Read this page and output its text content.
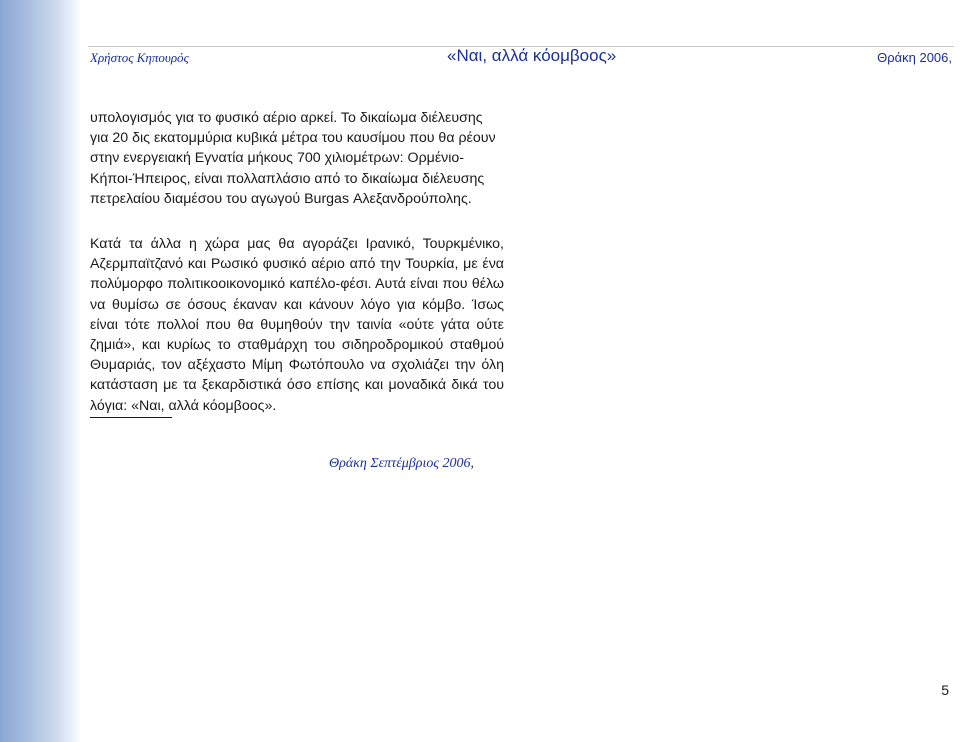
Χρήστος Κηπουρός	«Ναι, αλλά κόομβοος»	Θράκη 2006,

υπολογισμός για το φυσικό αέριο αρκεί. Το δικαίωμα διέλευσης για 20 δις εκατομμύρια κυβικά μέτρα του καυσίμου που θα ρέουν στην ενεργειακή Εγνατία μήκους 700 χιλιομέτρων: Ορμένιο-Κήποι-Ήπειρος, είναι πολλαπλάσιο από το δικαίωμα διέλευσης πετρελαίου διαμέσου του αγωγού Burgas Αλεξανδρούπολης.

Κατά τα άλλα η χώρα μας θα αγοράζει Ιρανικό, Τουρκμένικο, Αζερμπαϊτζανό και Ρωσικό φυσικό αέριο από την Τουρκία, με ένα πολύμορφο πολιτικοοικονομικό καπέλο-φέσι. Αυτά είναι που θέλω να θυμίσω σε όσους έκαναν και κάνουν λόγο για κόμβο. Ίσως είναι τότε πολλοί που θα θυμηθούν την ταινία «ούτε γάτα ούτε ζημιά», και κυρίως το σταθμάρχη του σιδηροδρομικού σταθμού Θυμαριάς, τον αξέχαστο Μίμη Φωτόπουλο να σχολιάζει την όλη κατάσταση με τα ξεκαρδιστικά όσο επίσης και μοναδικά δικά του λόγια: «Ναι, αλλά κόομβοος».

Θράκη Σεπτέμβριος 2006,
5
